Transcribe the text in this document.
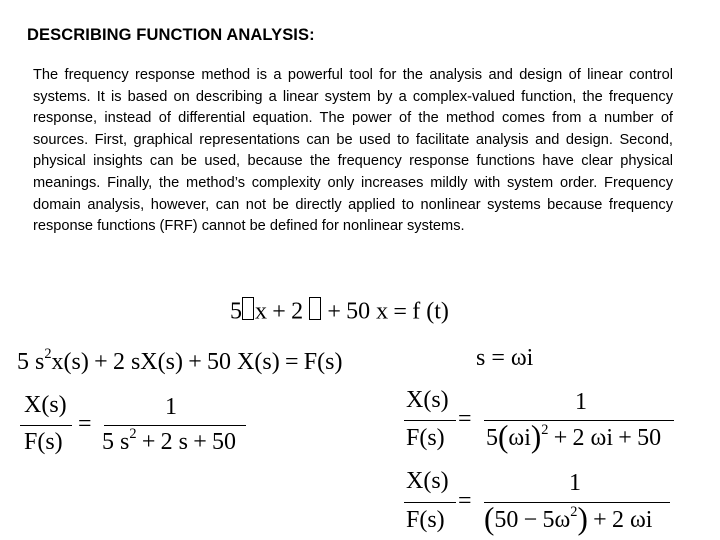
DESCRIBING FUNCTION ANALYSIS:
The frequency response method is a powerful tool for the analysis and design of linear control systems. It is based on describing a linear system by a complex-valued function, the frequency response, instead of differential equation. The power of the method comes from a number of sources. First, graphical representations can be used to facilitate analysis and design. Second, physical insights can be used, because the frequency response functions have clear physical meanings. Finally, the method’s complexity only increases mildly with system order. Frequency domain analysis, however, can not be directly applied to nonlinear systems because frequency response functions (FRF) cannot be defined for nonlinear systems.
5 x + 2 + 50 x = f (t)
5 $s^2x(s) + 2$ sX(s) + 50 X(s) = F(s)	s = ωi
X(s)
F(s)
=
1
5 $s^2 + 2$ s + 50
X(s)
F(s)
=
1
$5(\omega i)^2 + 2$ ωi + 50
X(s)
F(s)
=
1
$(50 - 5\omega^2) + 2$ ωi
